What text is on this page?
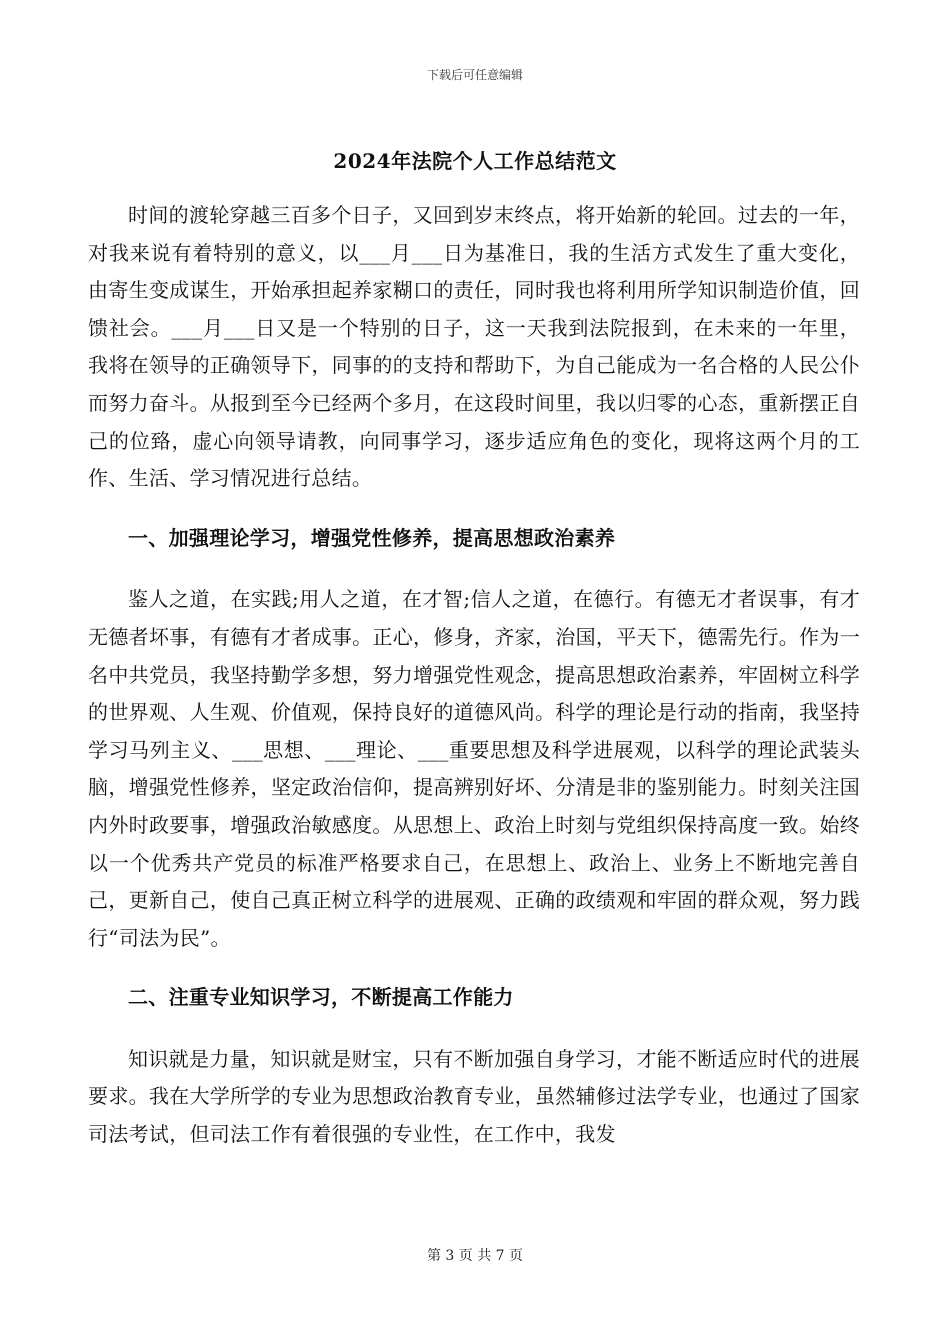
下载后可任意编辑
2024年法院个人工作总结范文

时间的渡轮穿越三百多个日子，又回到岁末终点，将开始新的轮回。过去的一年，对我来说有着特别的意义，以___月___日为基准日，我的生活方式发生了重大变化，由寄生变成谋生，开始承担起养家糊口的责任，同时我也将利用所学知识制造价值，回馈社会。___月___日又是一个特别的日子，这一天我到法院报到，在未来的一年里，我将在领导的正确领导下，同事的的支持和帮助下，为自己能成为一名合格的人民公仆而努力奋斗。从报到至今已经两个多月，在这段时间里，我以归零的心态，重新摆正自己的位臵，虚心向领导请教，向同事学习，逐步适应角色的变化，现将这两个月的工作、生活、学习情况进行总结。

一、加强理论学习，增强党性修养，提高思想政治素养

鉴人之道，在实践;用人之道，在才智;信人之道，在德行。有德无才者误事，有才无德者坏事，有德有才者成事。正心，修身，齐家，治国，平天下，德需先行。作为一名中共党员，我坚持勤学多想，努力增强党性观念，提高思想政治素养，牢固树立科学的世界观、人生观、价值观，保持良好的道德风尚。科学的理论是行动的指南，我坚持学习马列主义、___思想、___理论、___重要思想及科学进展观，以科学的理论武装头脑，增强党性修养，坚定政治信仰，提高辨别好坏、分清是非的鉴别能力。时刻关注国内外时政要事，增强政治敏感度。从思想上、政治上时刻与党组织保持高度一致。始终以一个优秀共产党员的标准严格要求自己，在思想上、政治上、业务上不断地完善自己，更新自己，使自己真正树立科学的进展观、正确的政绩观和牢固的群众观，努力践行“司法为民”。

二、注重专业知识学习，不断提高工作能力

知识就是力量，知识就是财宝，只有不断加强自身学习，才能不断适应时代的进展要求。我在大学所学的专业为思想政治教育专业，虽然辅修过法学专业，也通过了国家司法考试，但司法工作有着很强的专业性，在工作中，我发

第 3 页 共 7 页
